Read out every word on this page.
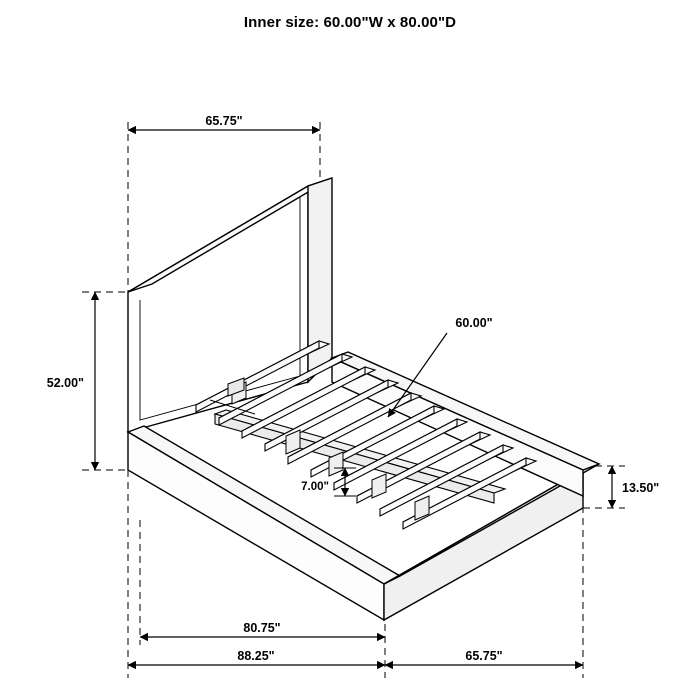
Inner size: 60.00"W x 80.00"D
65.75"
52.00"
60.00"
7.00"	13.50"
80.75"
88.25"	65.75"
